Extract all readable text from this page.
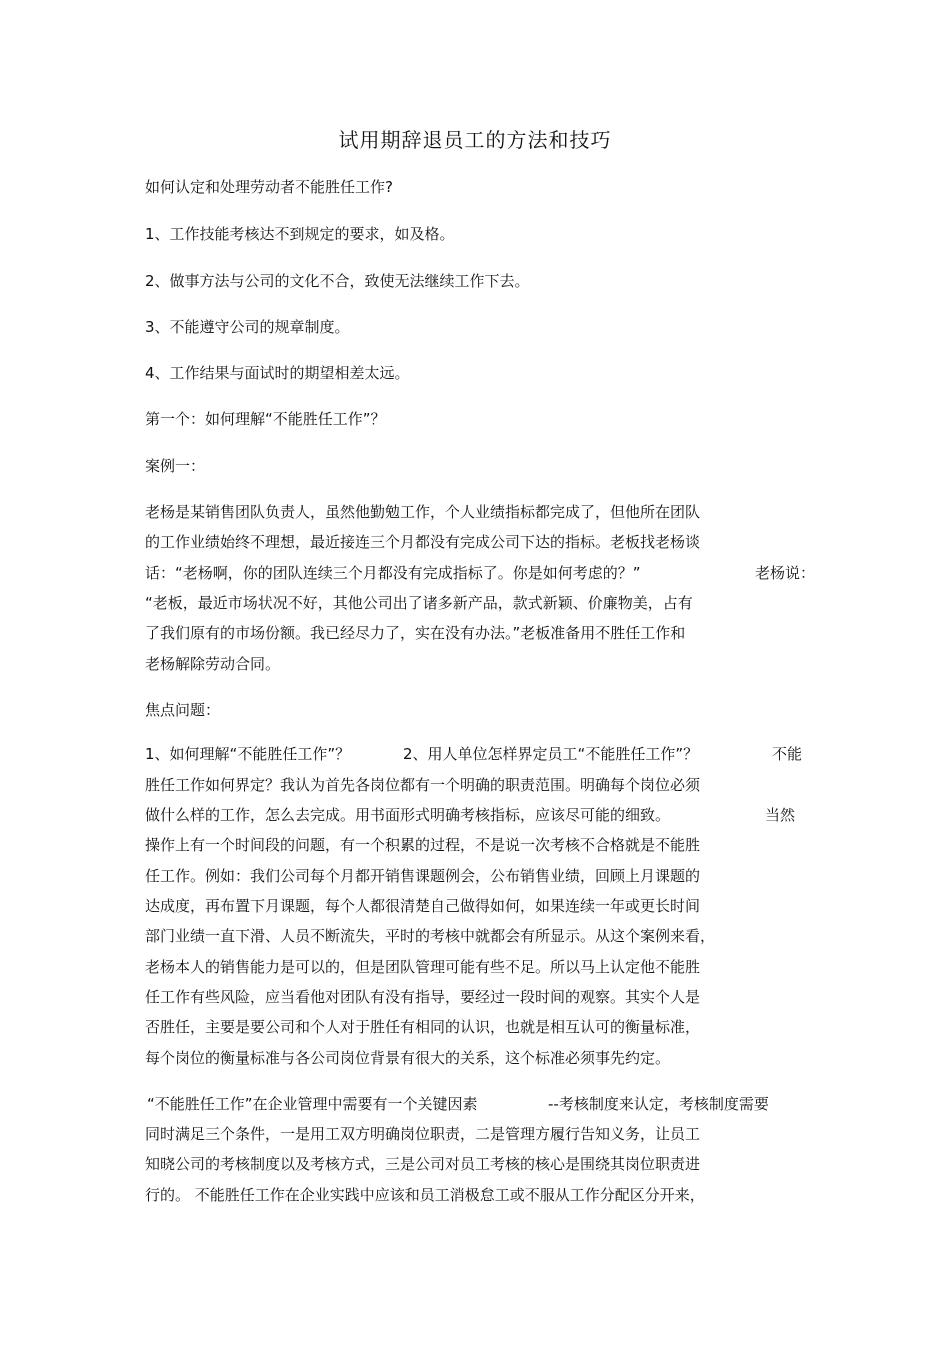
试用期辞退员工的方法和技巧
如何认定和处理劳动者不能胜任工作?
1、工作技能考核达不到规定的要求，如及格。
2、做事方法与公司的文化不合，致使无法继续工作下去。
3、不能遵守公司的规章制度。
4、工作结果与面试时的期望相差太远。
第一个：如何理解“不能胜任工作”？
案例一：
老杨是某销售团队负责人，虽然他勤勉工作，个人业绩指标都完成了，但他所在团队
的工作业绩始终不理想，最近接连三个月都没有完成公司下达的指标。老板找老杨谈
话：“老杨啊，你的团队连续三个月都没有完成指标了。你是如何考虑的？”	老杨说：
“老板，最近市场状况不好，其他公司出了诸多新产品，款式新颖、价廉物美，占有
了我们原有的市场份额。我已经尽力了，实在没有办法。”老板准备用不胜任工作和
老杨解除劳动合同。
焦点问题：
1、如何理解“不能胜任工作”？	2、用人单位怎样界定员工“不能胜任工作”？	不能
胜任工作如何界定？我认为首先各岗位都有一个明确的职责范围。明确每个岗位必须
做什么样的工作，怎么去完成。用书面形式明确考核指标，应该尽可能的细致。	当然
操作上有一个时间段的问题，有一个积累的过程，不是说一次考核不合格就是不能胜
任工作。例如：我们公司每个月都开销售课题例会，公布销售业绩，回顾上月课题的
达成度，再布置下月课题，每个人都很清楚自己做得如何，如果连续一年或更长时间
部门业绩一直下滑、人员不断流失，平时的考核中就都会有所显示。从这个案例来看，
老杨本人的销售能力是可以的，但是团队管理可能有些不足。所以马上认定他不能胜
任工作有些风险，应当看他对团队有没有指导，要经过一段时间的观察。其实个人是
否胜任，主要是要公司和个人对于胜任有相同的认识，也就是相互认可的衡量标准，
每个岗位的衡量标准与各公司岗位背景有很大的关系，这个标准必须事先约定。
“不能胜任工作”在企业管理中需要有一个关键因素	--考核制度来认定，考核制度需要
同时满足三个条件，一是用工双方明确岗位职责，二是管理方履行告知义务，让员工
知晓公司的考核制度以及考核方式，三是公司对员工考核的核心是围绕其岗位职责进
行的。 不能胜任工作在企业实践中应该和员工消极怠工或不服从工作分配区分开来，
